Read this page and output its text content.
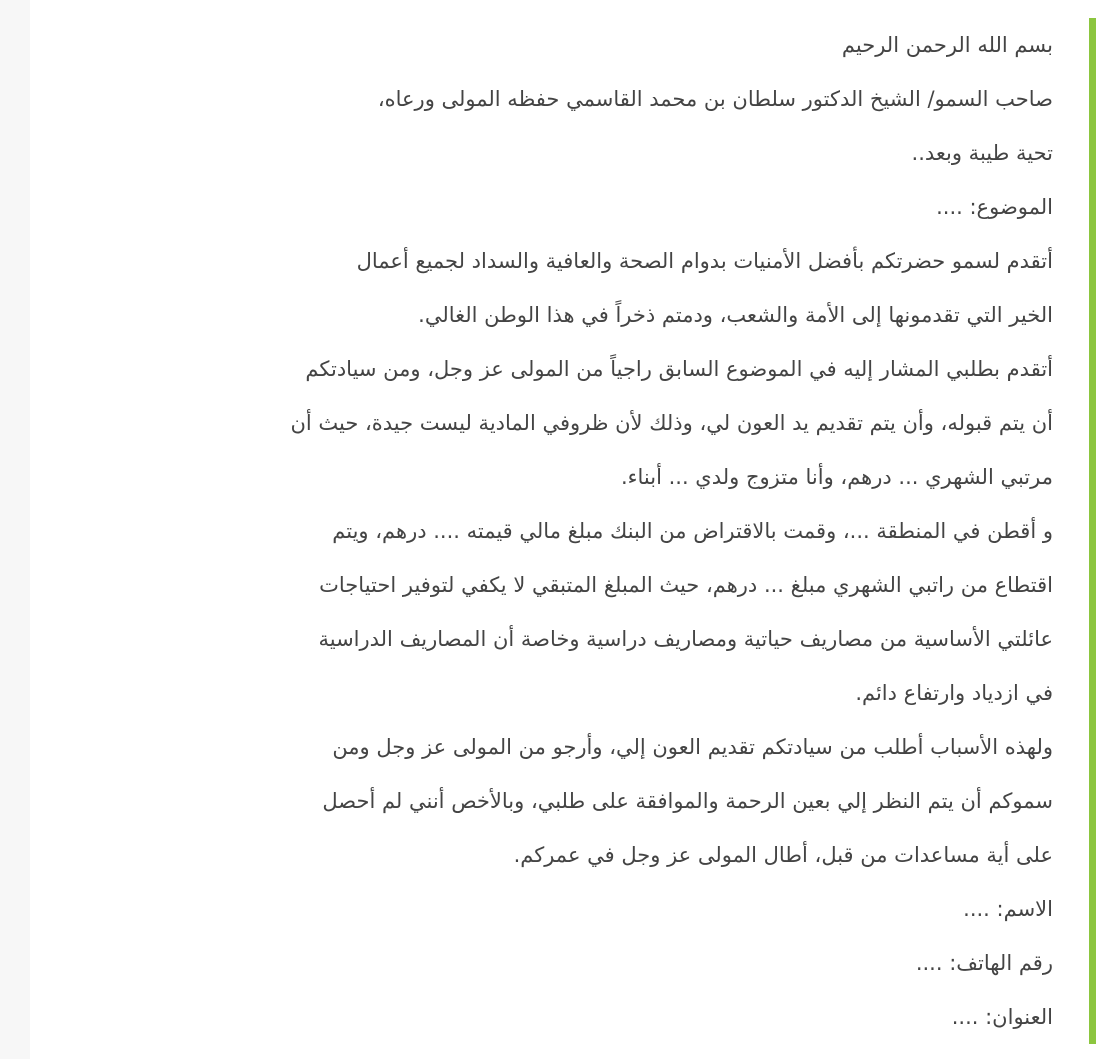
بسم الله الرحمن الرحيم

صاحب السمو/ الشيخ الدكتور سلطان بن محمد القاسمي حفظه المولى ورعاه،

تحية طيبة وبعد..

الموضوع: ....

أتقدم لسمو حضرتكم بأفضل الأمنيات بدوام الصحة والعافية والسداد لجميع أعمال

الخير التي تقدمونها إلى الأمة والشعب، ودمتم ذخراً في هذا الوطن الغالي.

أتقدم بطلبي المشار إليه في الموضوع السابق راجياً من المولى عز وجل، ومن سيادتكم

أن يتم قبوله، وأن يتم تقديم يد العون لي، وذلك لأن ظروفي المادية ليست جيدة، حيث أن

مرتبي الشهري ... درهم، وأنا متزوج ولدي ... أبناء.

و أقطن في المنطقة ...، وقمت بالاقتراض من البنك مبلغ مالي قيمته .... درهم، ويتم

اقتطاع من راتبي الشهري مبلغ ... درهم، حيث المبلغ المتبقي لا يكفي لتوفير احتياجات

عائلتي الأساسية من مصاريف حياتية ومصاريف دراسية وخاصة أن المصاريف الدراسية

في ازدياد وارتفاع دائم.

ولهذه الأسباب أطلب من سيادتكم تقديم العون إلي، وأرجو من المولى عز وجل ومن

سموكم أن يتم النظر إلي بعين الرحمة والموافقة على طلبي، وبالأخص أنني لم أحصل

على أية مساعدات من قبل، أطال المولى عز وجل في عمركم.

الاسم: ....

رقم الهاتف: ....

العنوان: ....
